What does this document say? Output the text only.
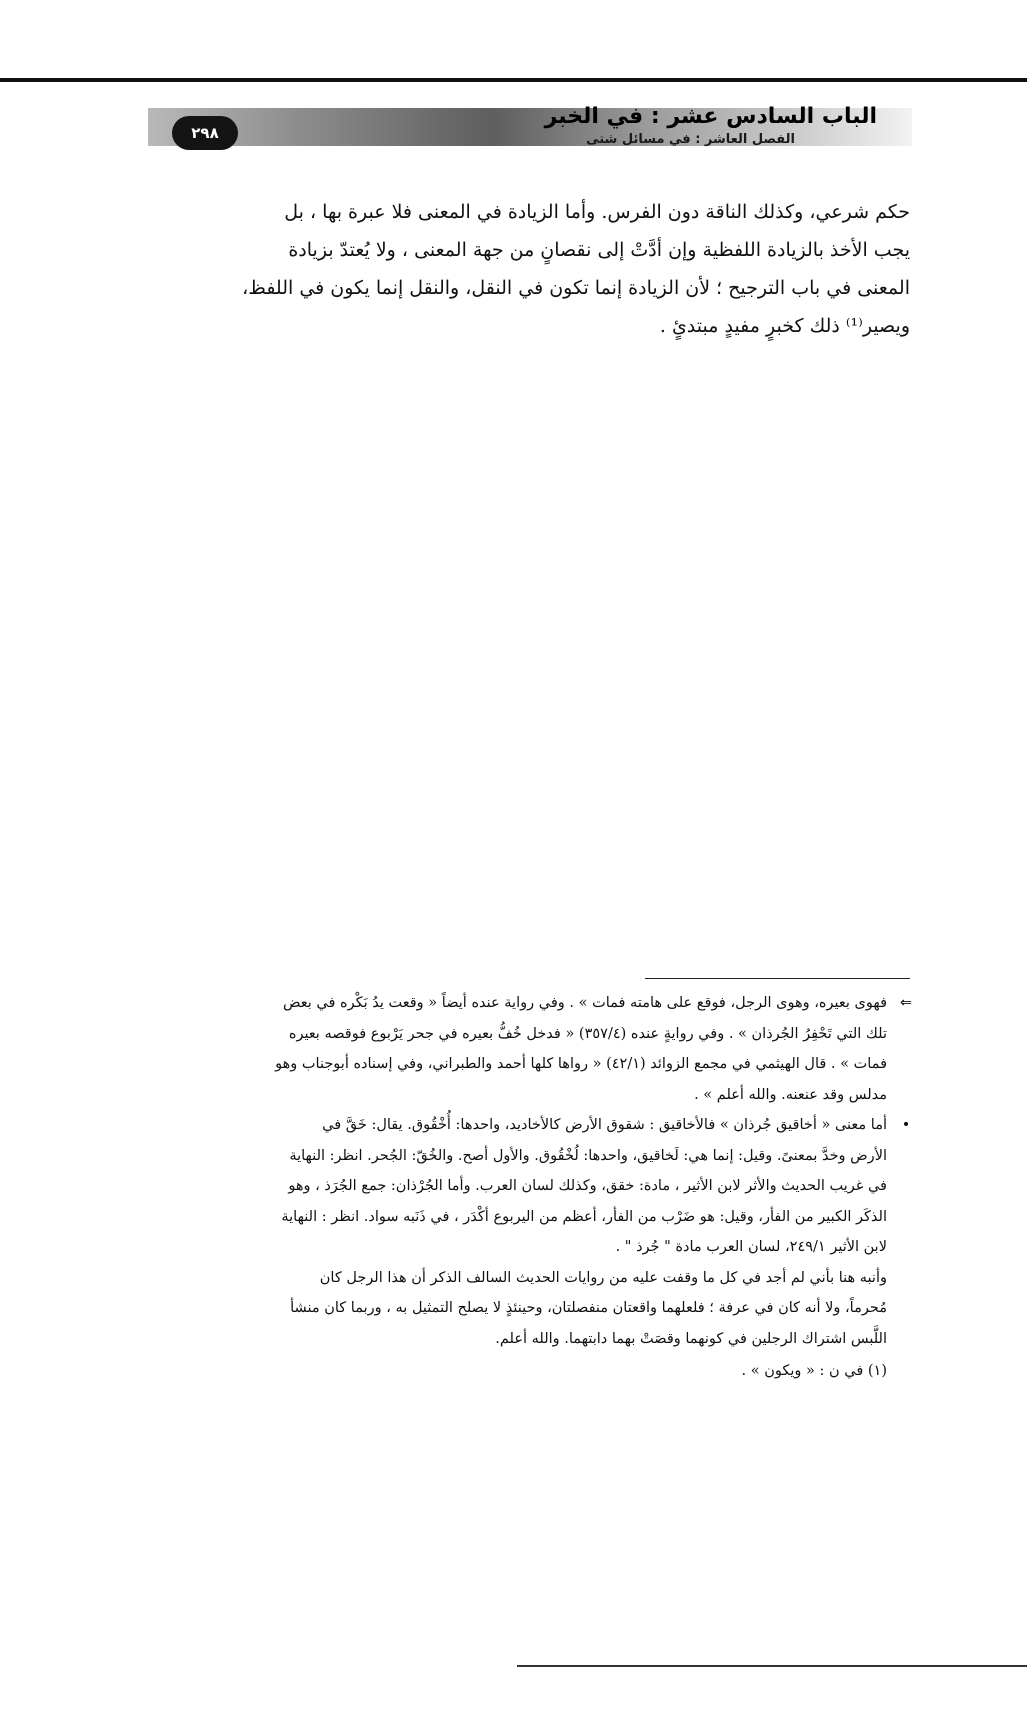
٢٩٨
الباب السادس عشر : في الخبر
الفصل العاشر : في مسائل شتى

حكم شرعي، وكذلك الناقة دون الفرس. وأما الزيادة في المعنى فلا عبرة بها ، بل

يجب الأخذ بالزيادة اللفظية وإن أدَّتْ إلى نقصانٍ من جهة المعنى ، ولا يُعتدّ بزيادة

المعنى في باب الترجيح ؛ لأن الزيادة إنما تكون في النقل، والنقل إنما يكون في اللفظ،

ويصير⁽¹⁾ ذلك كخبرٍ مفيدٍ مبتدئٍ .

⇐

فهوى بعيره، وهوى الرجل، فوقع على هامته فمات » . وفي رواية عنده أيضاً « وقعت يدُ بَكْره في بعض

تلك التي تَحْفِرُ الجُرذان » . وفي روايةٍ عنده (٣٥٧/٤) « فدخل خُفُّ بعيره في جحر يَرْبوع فوقصه بعيره

فمات » . قال الهيثمي في مجمع الزوائد (٤٢/١) « رواها كلها أحمد والطبراني، وفي إسناده أبوجناب وهو

مدلس وقد عنعنه. والله أعلم » .

•

أما معنى « أخاقيق جُرذان » فالأخاقيق : شقوق الأرض كالأخاديد، واحدها: أُخْقُوق. يقال: خَقَّ في

الأرض وخدَّ بمعنىً. وقيل: إنما هي: لَخاقيق، واحدها: لُخْقُوق. والأول أصح. والخُقّ: الجُحر. انظر: النهاية

في غريب الحديث والأثر لابن الأثير ، مادة: خقق، وكذلك لسان العرب. وأما الجُرْذان: جمع الجُرَذ ، وهو

الذكَر الكبير من الفأر، وقيل: هو ضَرْب من الفأر، أعظم من اليربوع أكْدَر ، في ذَنَبه سواد. انظر : النهاية

لابن الأثير ٢٤٩/١، لسان العرب مادة " جُرذ " .

وأنبه هنا بأني لم أجد في كل ما وقفت عليه من روايات الحديث السالف الذكر أن هذا الرجل كان

مُحرماً، ولا أنه كان في عرفة ؛ فلعلهما واقعتان منفصلتان، وحينئذٍ لا يصلح التمثيل به ، وربما كان منشأ

اللَّبس اشتراك الرجلين في كونهما وقصَتْ بهما دابتهما. والله أعلم.

(١) في ن : « ويكون » .
